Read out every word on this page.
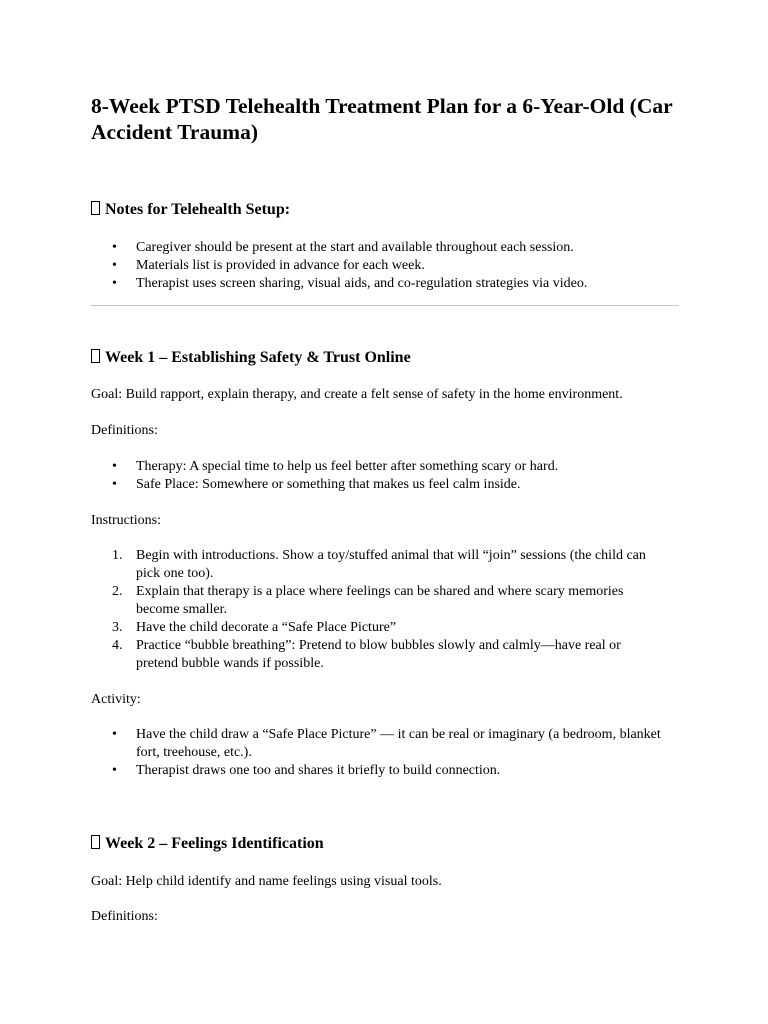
8-Week PTSD Telehealth Treatment Plan for a 6-Year-Old (Car Accident Trauma)
Notes for Telehealth Setup:
• Caregiver should be present at the start and available throughout each session.
• Materials list is provided in advance for each week.
• Therapist uses screen sharing, visual aids, and co-regulation strategies via video.
Week 1 – Establishing Safety & Trust Online

Goal: Build rapport, explain therapy, and create a felt sense of safety in the home environment.

Definitions:

• Therapy: A special time to help us feel better after something scary or hard.
• Safe Place: Somewhere or something that makes us feel calm inside.

Instructions:

1. Begin with introductions. Show a toy/stuffed animal that will “join” sessions (the child can pick one too).
2. Explain that therapy is a place where feelings can be shared and where scary memories become smaller.
3. Have the child decorate a “Safe Place Picture”
4. Practice “bubble breathing”: Pretend to blow bubbles slowly and calmly—have real or pretend bubble wands if possible.

Activity:

• Have the child draw a “Safe Place Picture” — it can be real or imaginary (a bedroom, blanket fort, treehouse, etc.).
• Therapist draws one too and shares it briefly to build connection.
Week 2 – Feelings Identification

Goal: Help child identify and name feelings using visual tools.

Definitions:
